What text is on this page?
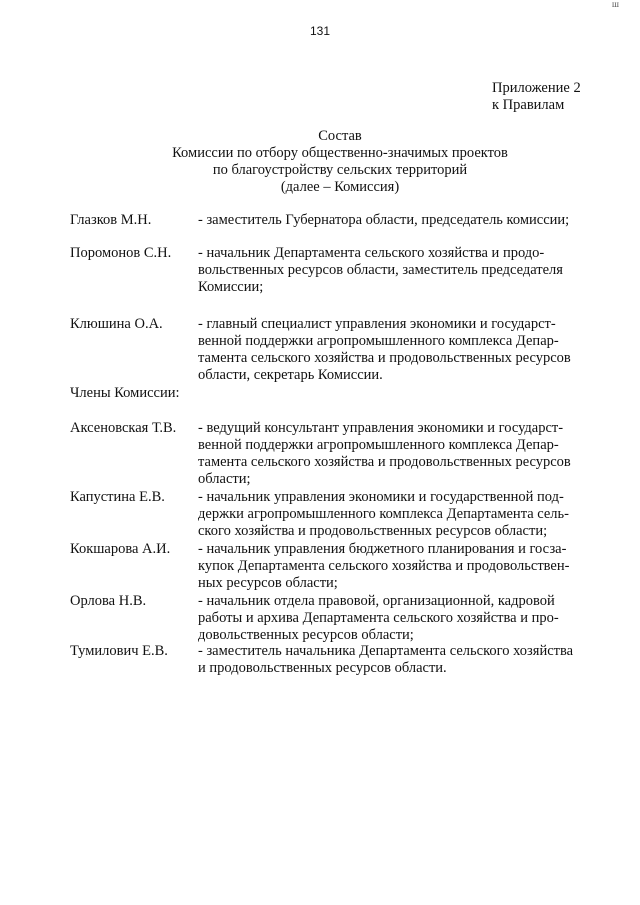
ш
131
Приложение 2
к Правилам
Состав
Комиссии по отбору общественно-значимых проектов
по благоустройству сельских территорий
(далее – Комиссия)
Глазков М.Н.	- заместитель Губернатора области, председатель комиссии;
Поромонов С.Н. - начальник Департамента сельского хозяйства и продо-
вольственных ресурсов области, заместитель председателя
Комиссии;
Клюшина О.А. - главный специалист управления экономики и государст-
венной поддержки агропромышленного комплекса Депар-
тамента сельского хозяйства и продовольственных ресурсов
области, секретарь Комиссии.
Члены Комиссии:
Аксеновская Т.В. - ведущий консультант управления экономики и государст-
венной поддержки агропромышленного комплекса Депар-
тамента сельского хозяйства и продовольственных ресурсов
области;
Капустина Е.В. - начальник управления экономики и государственной под-
держки агропромышленного комплекса Департамента сель-
ского хозяйства и продовольственных ресурсов области;
Кокшарова А.И. - начальник управления бюджетного планирования и госза-
купок Департамента сельского хозяйства и продовольствен-
ных ресурсов области;
Орлова Н.В.	- начальник отдела правовой, организационной, кадровой
работы и архива Департамента сельского хозяйства и про-
довольственных ресурсов области;
Тумилович Е.В. - заместитель начальника Департамента сельского хозяйства
и продовольственных ресурсов области.
